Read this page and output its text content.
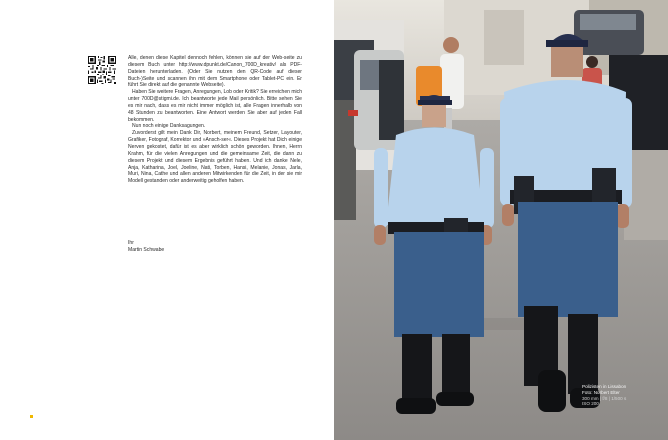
Alle, denen diese Kapitel dennoch fehlen, können sie auf der Web-seite zu diesem Buch unter http://www.dpunkt.de/Canon_700D_kreativ/ als PDF-Dateien herunterladen. (Oder Sie nutzen den QR-Code auf dieser Buch-)Seite und scannen ihn mit dem Smartphone oder Tablet-PC ein. Er führt Sie direkt auf die genannte Webseite).

Haben Sie weitere Fragen, Anregungen, Lob oder Kritik? Sie erreichen mich unter 700D@stigmi.de. Ich beantworte jede Mail persönlich. Bitte sehen Sie es mir nach, dass es mir nicht immer möglich ist, alle Fragen innerhalb von 48 Stunden zu beantworten. Eine Antwort werden Sie aber auf jeden Fall bekommen.

Nun noch einige Danksagungen.

Zuvorderst gilt mein Dank Dir, Norbert, meinem Freund, Setzer, Layouter, Grafiker, Fotograf, Korrektor und »Ansch-ser«. Dieses Projekt hat Dich einige Nerven gekostet, dafür ist es aber wirklich schön geworden. Ihnen, Herrn Krahm, für die vielen Anregungen und die gemeinsame Zeit, die dann zu diesem Projekt und diesem Ergebnis geführt haben. Und ich danke Nele, Anja, Katharina, Joel, Joeline, Nati, Torben, Hansi, Melanie, Jonas, Jarla, Muri, Nina, Cathe und allen anderen Mitwirkenden für die Zeit, in der sie mir Modell gestanden oder anderweitig geholfen haben.

Ihr
Martin Schwabe
Polizisten in Lissabon
Foto: Norbert Elter
300 mm | f/8 | 1/500 s
ISO 200
